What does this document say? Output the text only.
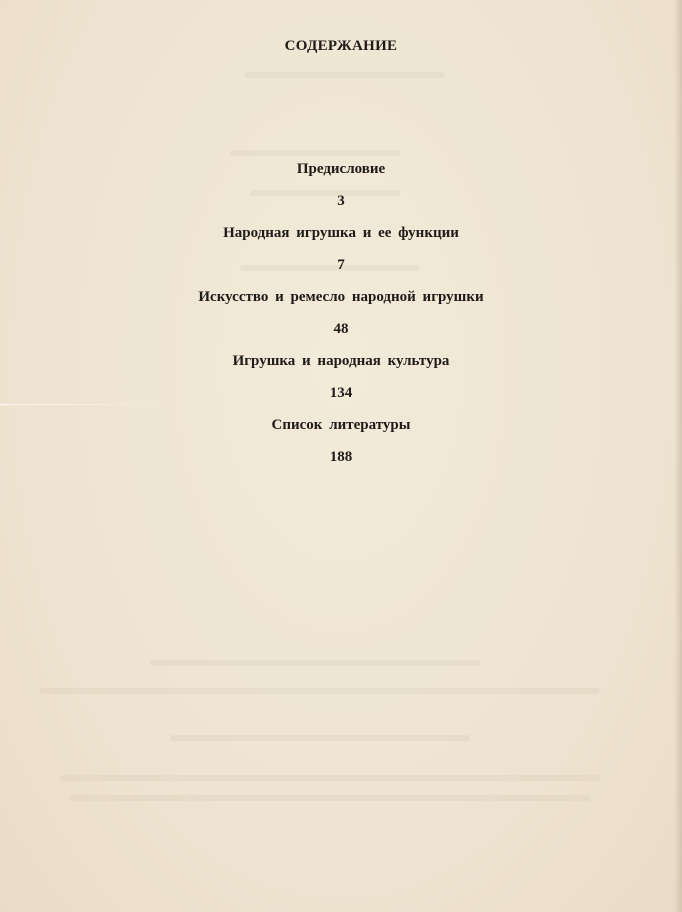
СОДЕРЖАНИЕ
Предисловие
3
Народная игрушка и ее функции
7
Искусство и ремесло народной игрушки
48
Игрушка и народная культура
134
Список литературы
188
